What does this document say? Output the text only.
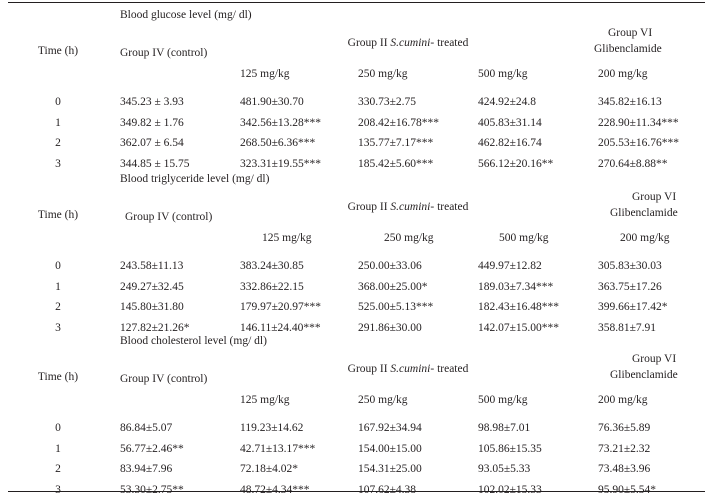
Blood glucose level (mg/ dl)
Time (h)	Group IV (control)
Group II S.cumini- treated
Group VI
Glibenclamide
125 mg/kg	250 mg/kg	500 mg/kg	200 mg/kg
0	345.23 ± 3.93	481.90±30.70	330.73±2.75	424.92±24.8	345.82±16.13
1	349.82 ± 1.76	342.56±13.28***	208.42±16.78***	405.83±31.14	228.90±11.34***
2	362.07 ± 6.54	268.50±6.36***	135.77±7.17***	462.82±16.74	205.53±16.76***
3	344.85 ± 15.75	323.31±19.55***	185.42±5.60***	566.12±20.16**	270.64±8.88**
Blood triglyceride level (mg/ dl)
Time (h)	Group IV (control)
Group II S.cumini- treated
Group VI
Glibenclamide
125 mg/kg	250 mg/kg	500 mg/kg	200 mg/kg
0	243.58±11.13	383.24±30.85	250.00±33.06	449.97±12.82	305.83±30.03
1	249.27±32.45	332.86±22.15	368.00±25.00*	189.03±7.34***	363.75±17.26
2	145.80±31.80	179.97±20.97***	525.00±5.13***	182.43±16.48***	399.66±17.42*
3	127.82±21.26*	146.11±24.40***	291.86±30.00	142.07±15.00***	358.81±7.91
Blood cholesterol level (mg/ dl)
Time (h)	Group IV (control)
Group II S.cumini- treated
Group VI
Glibenclamide
125 mg/kg	250 mg/kg	500 mg/kg	200 mg/kg
0	86.84±5.07	119.23±14.62	167.92±34.94	98.98±7.01	76.36±5.89
1	56.77±2.46**	42.71±13.17***	154.00±15.00	105.86±15.35	73.21±2.32
2	83.94±7.96	72.18±4.02*	154.31±25.00	93.05±5.33	73.48±3.96
3	53.30±2.75**	48.72±4.34***	107.62±4.38	102.02±15.33	95.90±5.54*
